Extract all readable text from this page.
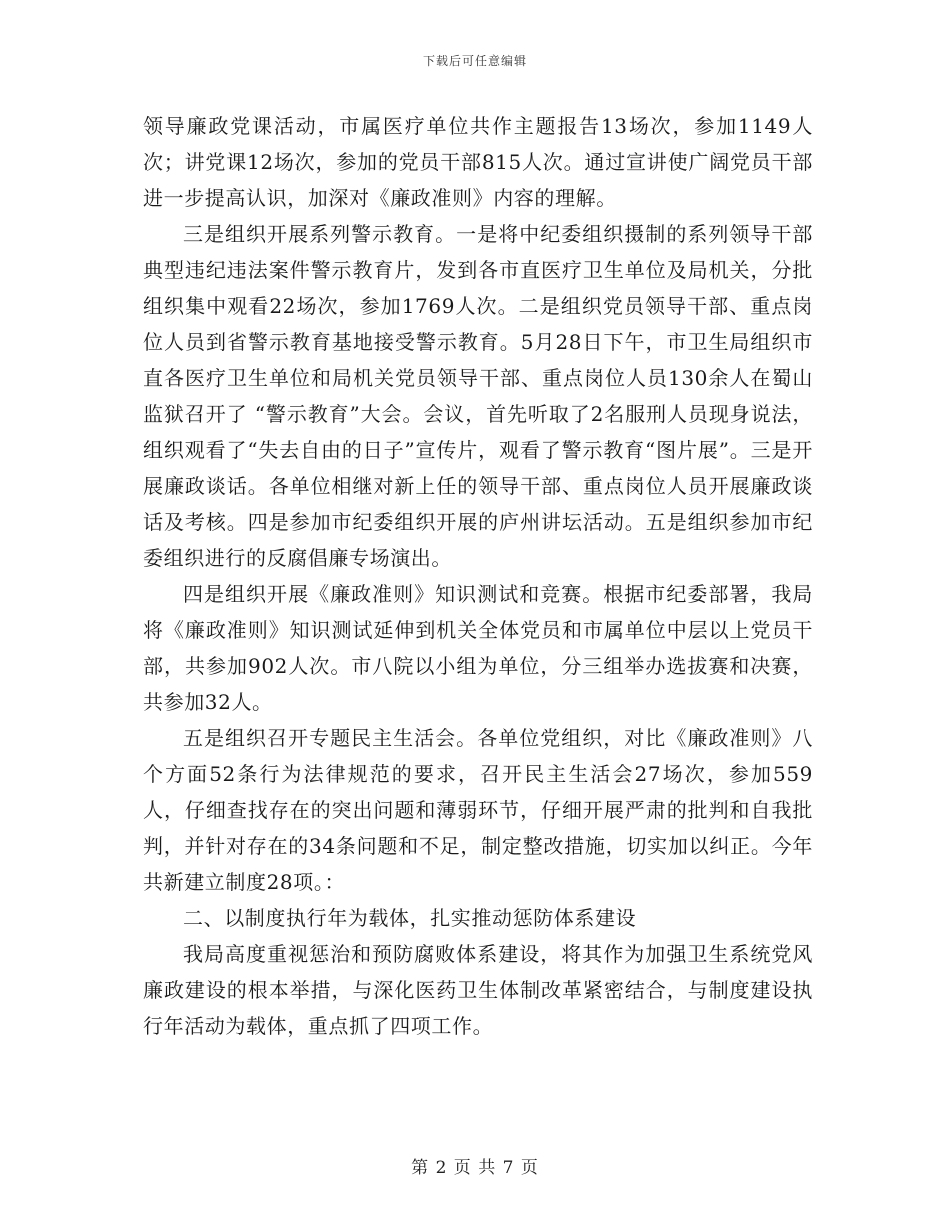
下载后可任意编辑

领导廉政党课活动，市属医疗单位共作主题报告13场次，参加1149人次；讲党课12场次，参加的党员干部815人次。通过宣讲使广阔党员干部进一步提高认识，加深对《廉政准则》内容的理解。

三是组织开展系列警示教育。一是将中纪委组织摄制的系列领导干部典型违纪违法案件警示教育片，发到各市直医疗卫生单位及局机关，分批组织集中观看22场次，参加1769人次。二是组织党员领导干部、重点岗位人员到省警示教育基地接受警示教育。5月28日下午，市卫生局组织市直各医疗卫生单位和局机关党员领导干部、重点岗位人员130余人在蜀山监狱召开了 “警示教育”大会。会议，首先听取了2名服刑人员现身说法，组织观看了“失去自由的日子”宣传片，观看了警示教育“图片展”。三是开展廉政谈话。各单位相继对新上任的领导干部、重点岗位人员开展廉政谈话及考核。四是参加市纪委组织开展的庐州讲坛活动。五是组织参加市纪委组织进行的反腐倡廉专场演出。

四是组织开展《廉政准则》知识测试和竞赛。根据市纪委部署，我局将《廉政准则》知识测试延伸到机关全体党员和市属单位中层以上党员干部，共参加902人次。市八院以小组为单位，分三组举办选拔赛和决赛，共参加32人。

五是组织召开专题民主生活会。各单位党组织，对比《廉政准则》八个方面52条行为法律规范的要求，召开民主生活会27场次，参加559人，仔细查找存在的突出问题和薄弱环节，仔细开展严肃的批判和自我批判，并针对存在的34条问题和不足，制定整改措施，切实加以纠正。今年共新建立制度28项。：

二、以制度执行年为载体，扎实推动惩防体系建设

我局高度重视惩治和预防腐败体系建设，将其作为加强卫生系统党风廉政建设的根本举措，与深化医药卫生体制改革紧密结合，与制度建设执行年活动为载体，重点抓了四项工作。

第 2 页 共 7 页
